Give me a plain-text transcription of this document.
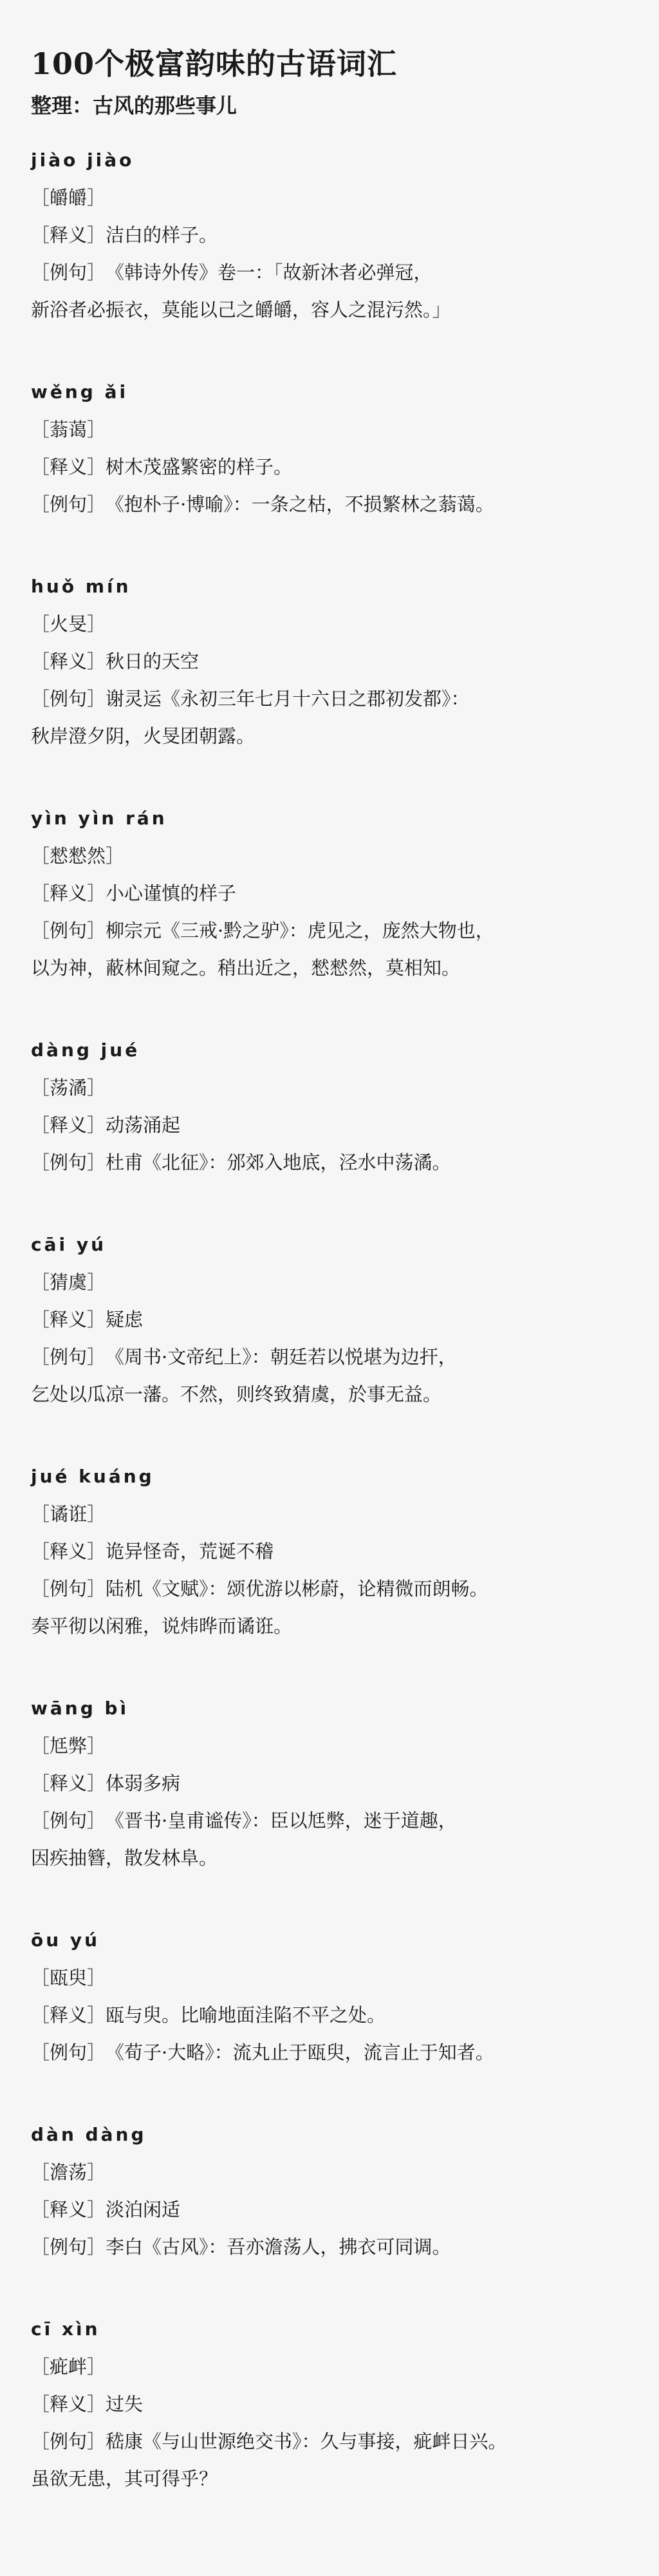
100个极富韵味的古语词汇

整理：古风的那些事儿

jiào jiào
［皭皭］
［释义］洁白的样子。
［例句］《韩诗外传》卷一：「故新沐者必弹冠，
新浴者必振衣，莫能以己之皭皭，容人之混污然。」
wěng ǎi
［蓊蔼］
［释义］树木茂盛繁密的样子。
［例句］《抱朴子·博喻》：一条之枯，不损繁林之蓊蔼。
huǒ mín
［火旻］
［释义］秋日的天空
［例句］谢灵运《永初三年七月十六日之郡初发都》：
秋岸澄夕阴，火旻团朝露。
yìn yìn rán
［憖憖然］
［释义］小心谨慎的样子
［例句］柳宗元《三戒·黔之驴》：虎见之，庞然大物也，
以为神，蔽林间窥之。稍出近之，憖憖然，莫相知。
dàng jué
［荡潏］
［释义］动荡涌起
［例句］杜甫《北征》：邠郊入地底，泾水中荡潏。
cāi yú
［猜虞］
［释义］疑虑
［例句］《周书·文帝纪上》：朝廷若以悦堪为边扞，
乞处以瓜凉一藩。不然，则终致猜虞，於事无益。
jué kuáng
［谲诳］
［释义］诡异怪奇，荒诞不稽
［例句］陆机《文赋》：颂优游以彬蔚，论精微而朗畅。
奏平彻以闲雅，说炜晔而谲诳。
wāng bì
［尪弊］
［释义］体弱多病
［例句］《晋书·皇甫谧传》：臣以尪弊，迷于道趣，
因疾抽簪，散发林阜。
ōu yú
［瓯臾］
［释义］瓯与臾。比喻地面洼陷不平之处。
［例句］《荀子·大略》：流丸止于瓯臾，流言止于知者。
dàn dàng
［澹荡］
［释义］淡泊闲适
［例句］李白《古风》：吾亦澹荡人，拂衣可同调。
cī xìn
［疵衅］
［释义］过失
［例句］嵇康《与山世源绝交书》：久与事接，疵衅日兴。
虽欲无患，其可得乎？
